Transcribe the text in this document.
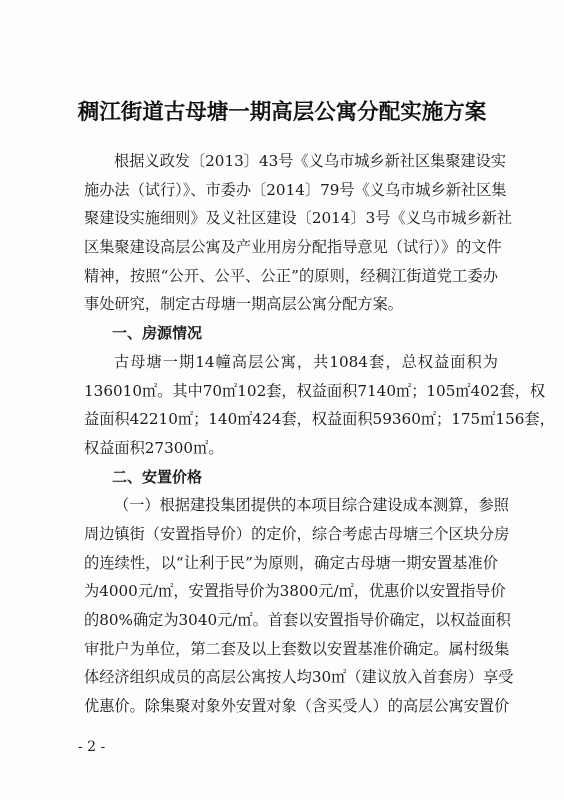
稠江街道古母塘一期高层公寓分配实施方案
根据义政发〔2013〕43号《义乌市城乡新社区集聚建设实
施办法（试行）》、市委办〔2014〕79号《义乌市城乡新社区集
聚建设实施细则》及义社区建设〔2014〕3号《义乌市城乡新社
区集聚建设高层公寓及产业用房分配指导意见（试行）》的文件
精神，按照“公开、公平、公正”的原则，经稠江街道党工委办
事处研究，制定古母塘一期高层公寓分配方案。
一、房源情况
古母塘一期14幢高层公寓，共1084套，总权益面积为
136010㎡。其中70㎡102套，权益面积7140㎡；105㎡402套，权
益面积42210㎡；140㎡424套，权益面积59360㎡；175㎡156套，
权益面积27300㎡。
二、安置价格
（一）根据建投集团提供的本项目综合建设成本测算，参照
周边镇街（安置指导价）的定价，综合考虑古母塘三个区块分房
的连续性，以“让利于民”为原则，确定古母塘一期安置基准价
为4000元/㎡，安置指导价为3800元/㎡，优惠价以安置指导价
的80%确定为3040元/㎡。首套以安置指导价确定，以权益面积
审批户为单位，第二套及以上套数以安置基准价确定。属村级集
体经济组织成员的高层公寓按人均30㎡（建议放入首套房）享受
优惠价。除集聚对象外安置对象（含买受人）的高层公寓安置价
- 2 -
